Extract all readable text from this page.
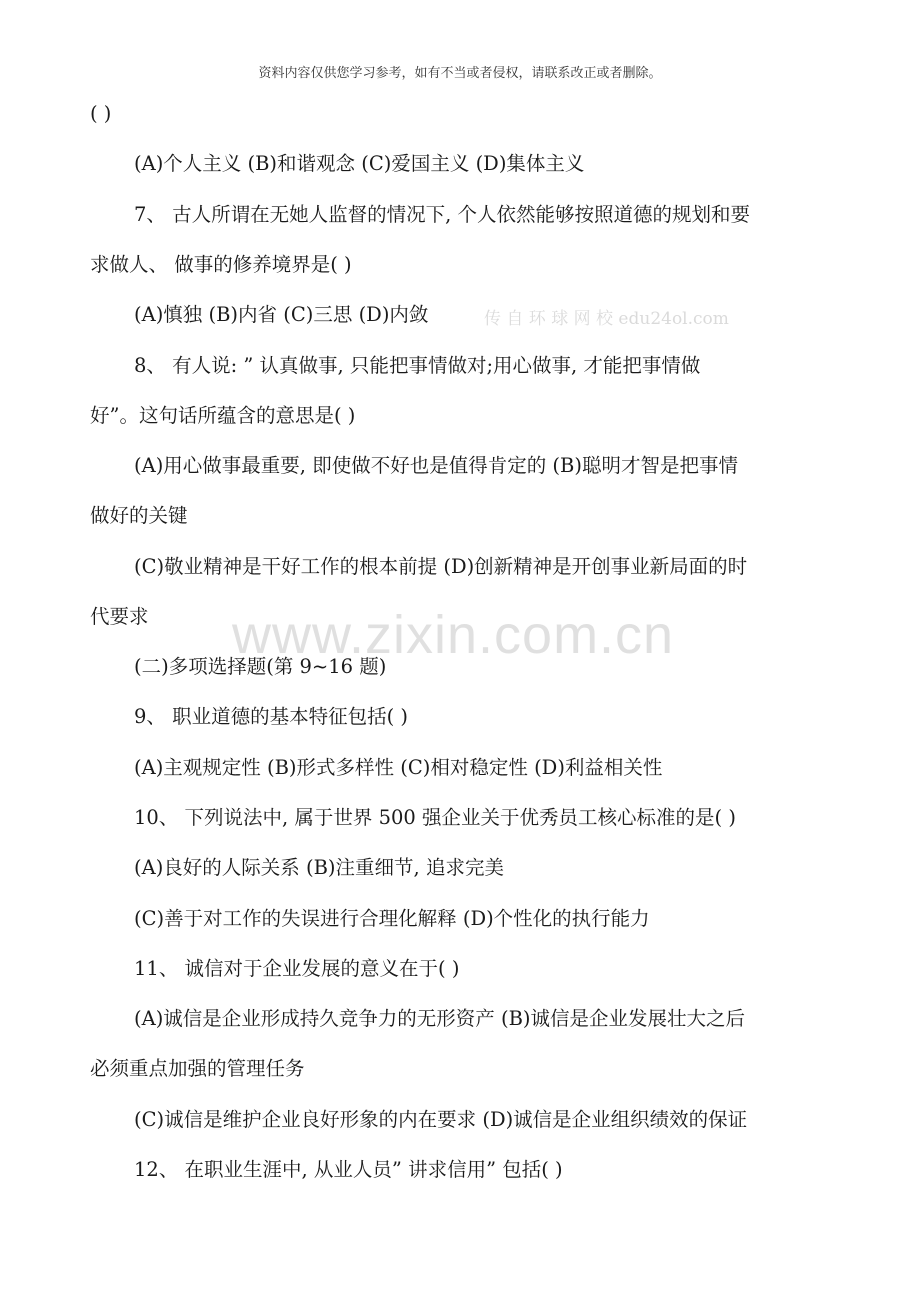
资料内容仅供您学习参考，如有不当或者侵权，请联系改正或者删除。
传 自 环 球 网 校 edu24ol.com
www.zixin.com.cn
( )
(A)个人主义 (B)和谐观念 (C)爱国主义 (D)集体主义
7、 古人所谓在无她人监督的情况下, 个人依然能够按照道德的规划和要
求做人、 做事的修养境界是( )
(A)慎独 (B)内省 (C)三思 (D)内敛
8、 有人说: ” 认真做事, 只能把事情做对;用心做事, 才能把事情做
好”。这句话所蕴含的意思是( )
(A)用心做事最重要, 即使做不好也是值得肯定的 (B)聪明才智是把事情
做好的关键
(C)敬业精神是干好工作的根本前提 (D)创新精神是开创事业新局面的时
代要求
(二)多项选择题(第 9~16 题)
9、 职业道德的基本特征包括( )
(A)主观规定性 (B)形式多样性 (C)相对稳定性 (D)利益相关性
10、 下列说法中, 属于世界 500 强企业关于优秀员工核心标准的是( )
(A)良好的人际关系 (B)注重细节, 追求完美
(C)善于对工作的失误进行合理化解释 (D)个性化的执行能力
11、 诚信对于企业发展的意义在于( )
(A)诚信是企业形成持久竞争力的无形资产 (B)诚信是企业发展壮大之后
必须重点加强的管理任务
(C)诚信是维护企业良好形象的内在要求 (D)诚信是企业组织绩效的保证
12、 在职业生涯中, 从业人员” 讲求信用” 包括( )
